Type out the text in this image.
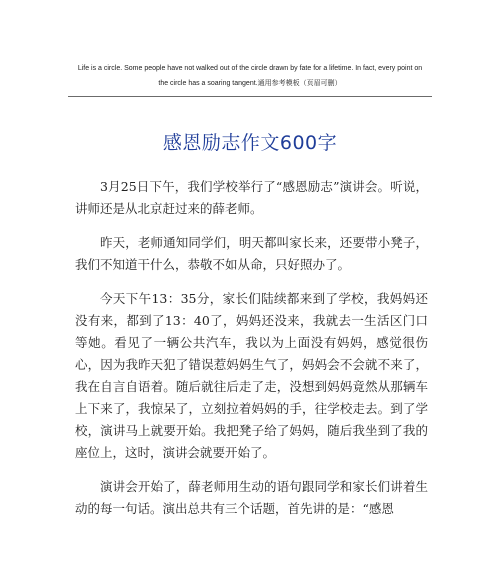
Life is a circle. Some people have not walked out of the circle drawn by fate for a lifetime. In fact, every point on
the circle has a soaring tangent.通用参考模板（页眉可删）
感恩励志作文600字

3月25日下午，我们学校举行了“感恩励志”演讲会。听说，讲师还是从北京赶过来的薛老师。

昨天，老师通知同学们，明天都叫家长来，还要带小凳子，我们不知道干什么，恭敬不如从命，只好照办了。

今天下午13：35分，家长们陆续都来到了学校，我妈妈还没有来，都到了13：40了，妈妈还没来，我就去一生活区门口等她。看见了一辆公共汽车，我以为上面没有妈妈，感觉很伤心，因为我昨天犯了错误惹妈妈生气了，妈妈会不会就不来了，我在自言自语着。随后就往后走了走，没想到妈妈竟然从那辆车上下来了，我惊呆了，立刻拉着妈妈的手，往学校走去。到了学校，演讲马上就要开始。我把凳子给了妈妈，随后我坐到了我的座位上，这时，演讲会就要开始了。

演讲会开始了，薛老师用生动的语句跟同学和家长们讲着生动的每一句话。演出总共有三个话题，首先讲的是：“感恩
